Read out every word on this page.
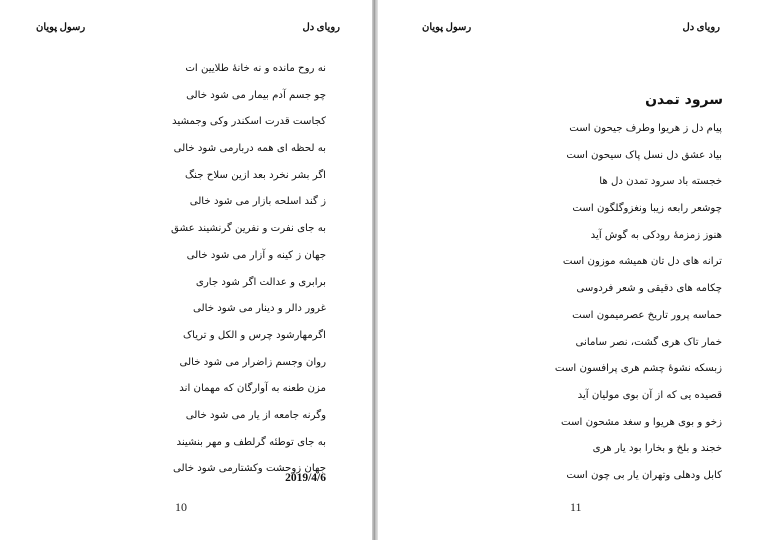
رویای دل
رسول پویان
نه روح مانده و نه خانهٔ طلایین ات
چو جسم آدم بیمار می شود خالی
کجاست قدرت اسکندر وکی وجمشید
به لحظه ای همه دربارمی شود خالی
اگر بشر نخرد بعد ازین سلاح جنگ
ز گند اسلحه بازار می شود خالی
به جای نفرت و نفرین گرنشیند عشق
جهان ز کینه و آزار می شود خالی
برابری و عدالت اگر شود جاری
غرور دالر و دینار می شود خالی
اگرمهارشود چرس و الکل و تریاک
روان وجسم زاضرار می شود خالی
مزن طعنه به آوارگان که مهمان اند
وگرنه جامعه از یار می شود خالی
به جای توطئه گرلطف و مهر بنشیند
جهان زوحشت وکشتارمی شود خالی
2019/4/6
10
رویای دل
رسول پویان
سرود تمدن
پیام دل ز هریوا وطرف جیحون است
بیاد عشق دل نسل پاک سیحون است
خجسته باد سرود تمدن دل ها
چوشعر رابعه زیبا ونغزوگلگون است
هنوز زمزمهٔ رودکی به گوش آید
ترانه های دل تان همیشه موزون است
چکامه های دقیقی و شعر فردوسی
حماسه پرور تاریخ عصرمیمون است
خمار تاک هری گشت، نصر سامانی
زبسکه نشوهٔ چشم هری پرافسون است
قصیده یی که از آن بوی مولیان آید
زخو و بوی هریوا و سغد مشحون است
خجند و بلخ و بخارا بود یار هری
کابل ودهلی وتهران یار بی چون است
11
